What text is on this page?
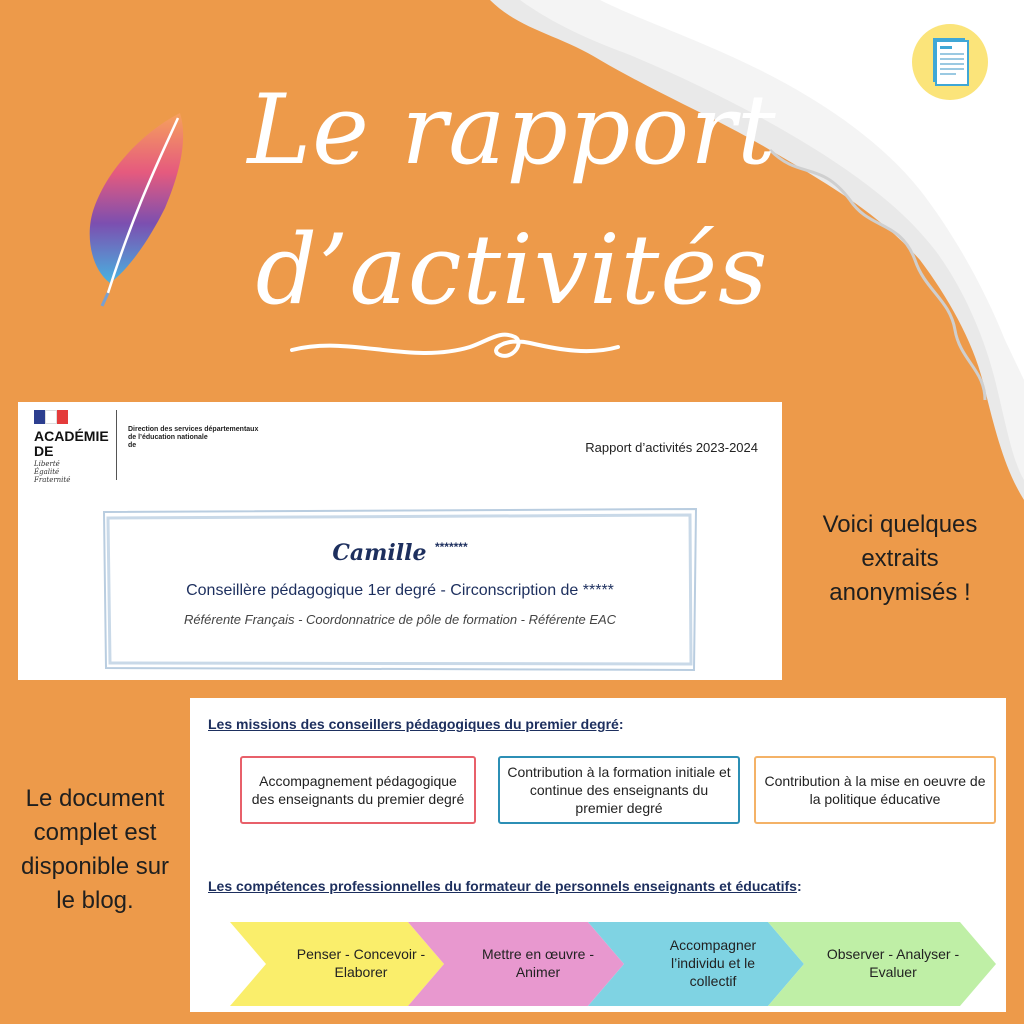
Le rapport
d’activités
ACADÉMIE
DE
Liberté
Égalité
Fraternité
Direction des services départementaux
de l’éducation nationale
de	Rapport d’activités 2023-2024
Camille *******
Conseillère pédagogique 1er degré - Circonscription de *****
Référente Français - Coordonnatrice de pôle de formation - Référente EAC
Voici quelques
extraits
anonymisés !
Le document
complet est
disponible sur
le blog.
Les missions des conseillers pédagogiques du premier degré:
Accompagnement pédagogique des enseignants du premier degré
Contribution à la formation initiale et continue des enseignants du premier degré
Contribution à la mise en oeuvre de la politique éducative
Les compétences professionnelles du formateur de personnels enseignants et éducatifs:
Penser - Concevoir - Elaborer
Mettre en œuvre - Animer
Accompagner l’individu et le collectif
Observer - Analyser - Evaluer
